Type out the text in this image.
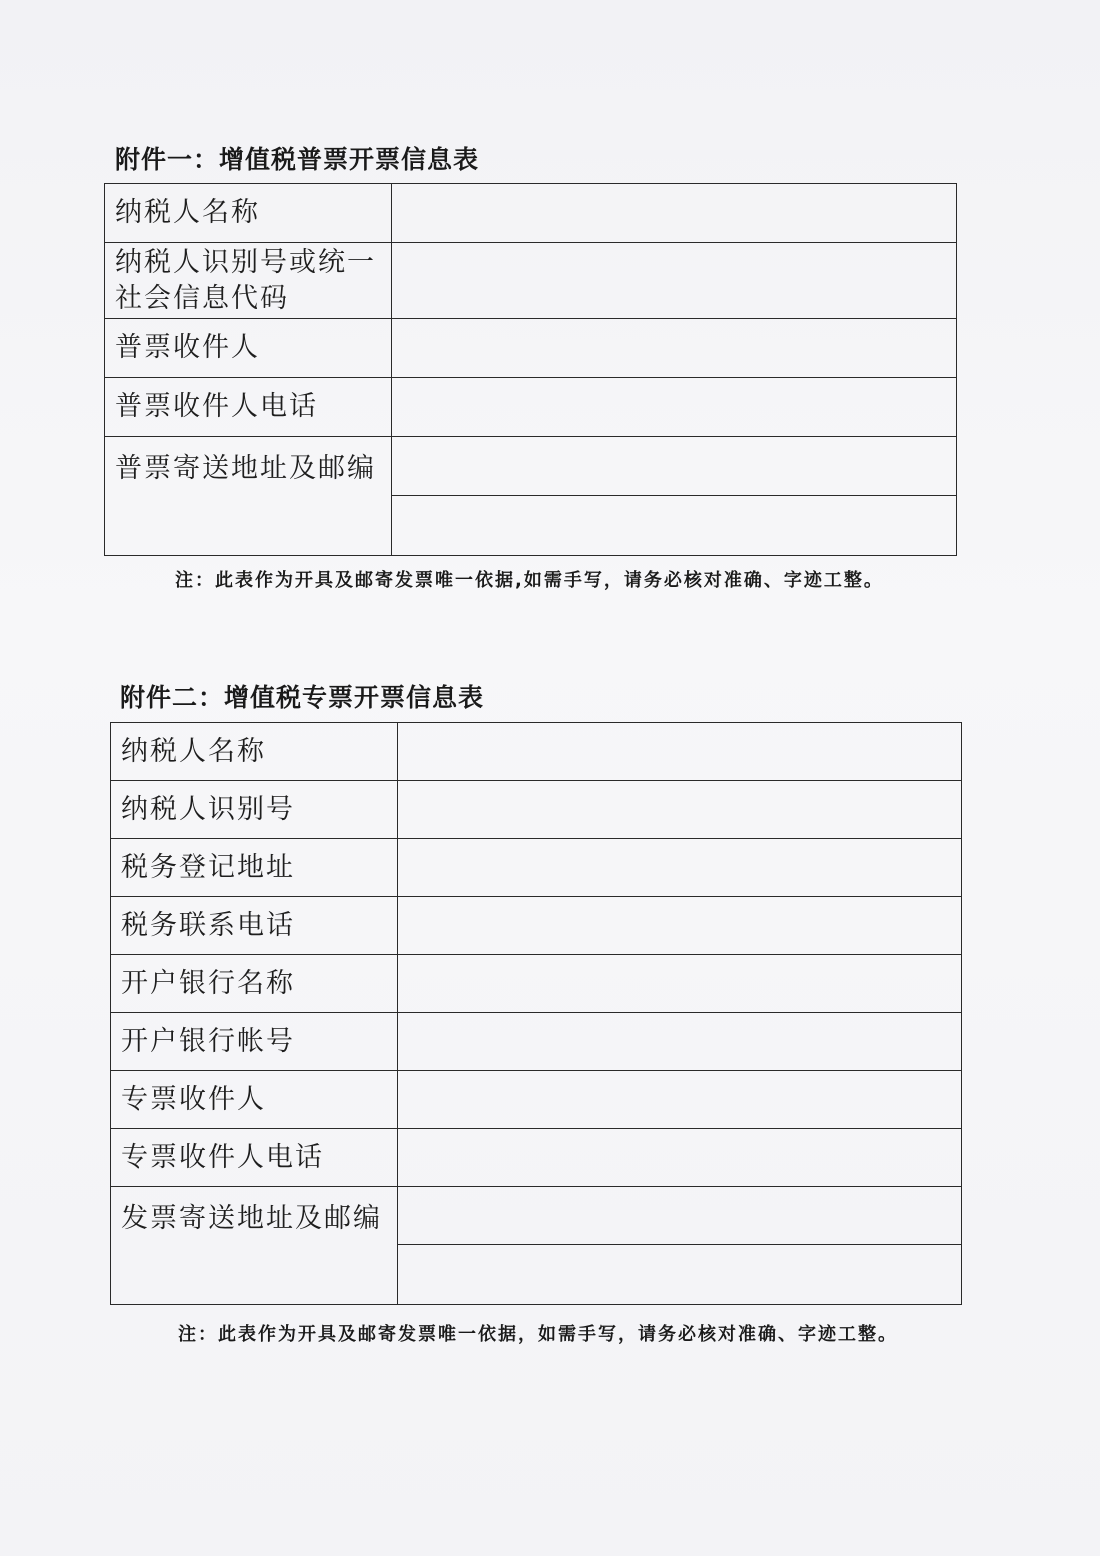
附件一：增值税普票开票信息表
纳税人名称	

纳税人识别号或统一
社会信息代码	

普票收件人	
普票收件人电话	
普票寄送地址及邮编	

注：此表作为开具及邮寄发票唯一依据,如需手写，请务必核对准确、字迹工整。
附件二：增值税专票开票信息表
纳税人名称	
纳税人识别号	
税务登记地址	
税务联系电话	
开户银行名称	
开户银行帐号	
专票收件人	
专票收件人电话	
发票寄送地址及邮编	

注：此表作为开具及邮寄发票唯一依据，如需手写，请务必核对准确、字迹工整。
